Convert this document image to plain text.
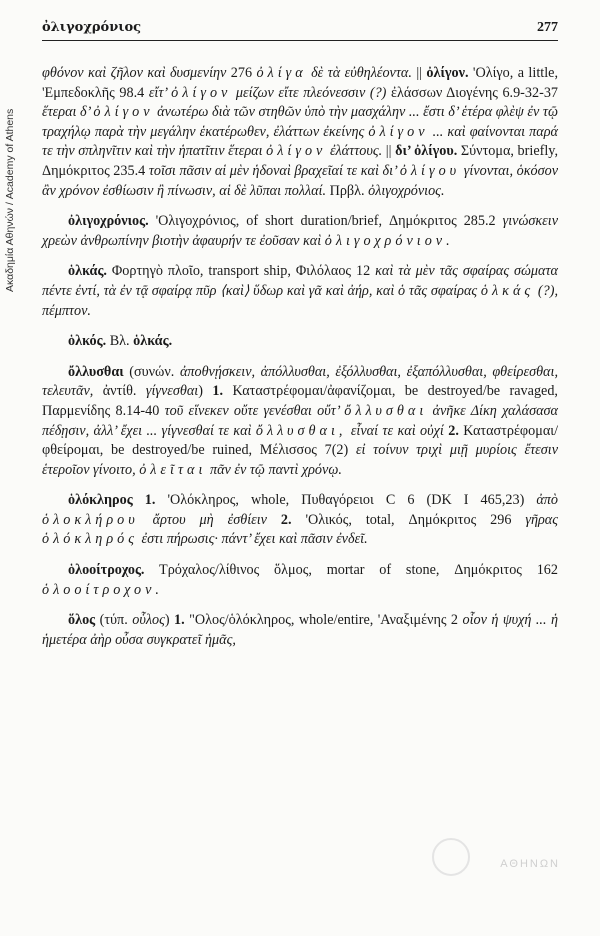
ὀλιγοχρόνιος	277
Ακαδημία Αθηνών / Academy of Athens

φθόνον καὶ ζῆλον καὶ δυσμενίην 276 ὀλίγα δὲ τὰ εὐθηλέοντα. || ὀλίγον. 'Ολίγο, a little, 'Εμπεδοκλῆς 98.4 εἴτ’ ὀλίγον μείζων εἴτε πλεόνεσσιν (?) ἐλάσσων Διογένης 6.9-32-37 ἕτεραι δ’ ὀλίγον ἀνωτέρω διὰ τῶν στηθῶν ὑπὸ τὴν μασχάλην ... ἔστι δ’ ἑτέρα φλὲψ ἐν τῷ τραχήλῳ παρὰ τὴν μεγάλην ἑκατέρωθεν, ἐλάττων ἐκείνης ὀλίγον ... καὶ φαίνονται παρά τε τὴν σπληνῖτιν καὶ τὴν ἡπατῖτιν ἕτεραι ὀλίγον ἐλάττους. || δι’ ὀλίγου. Σύντομα, briefly, Δημόκριτος 235.4 τοῖσι πᾶσιν αἱ μὲν ἡδοναὶ βραχεῖαί τε καὶ δι’ ὀλίγου γίνονται, ὁκόσον ἂν χρόνον ἐσθίωσιν ἢ πίνωσιν, αἱ δὲ λῦπαι πολλαί. Πρβλ. ὀλιγοχρόνιος.

ὀλιγοχρόνιος. 'Ολιγοχρόνιος, of short duration/brief, Δημόκριτος 285.2 γινώσκειν χρεὼν ἀνθρωπίνην βιοτὴν ἀφαυρήν τε ἐοῦσαν καὶ ὀλιγοχρόνιον.

ὁλκάς. Φορτηγὸ πλοῖο, transport ship, Φιλόλαος 12 καὶ τὰ μὲν τᾶς σφαίρας σώματα πέντε ἐντί, τὰ ἐν τᾷ σφαίρᾳ πῦρ ⟨καὶ⟩ ὕδωρ καὶ γᾶ καὶ ἀήρ, καὶ ὁ τᾶς σφαίρας ὁλκάς (?), πέμπτον.

ὁλκός. Βλ. ὁλκάς.

ὄλλυσθαι (συνών. ἀποθνῄσκειν, ἀπόλλυσθαι, ἐξόλλυσθαι, ἐξαπόλλυσθαι, φθείρεσθαι, τελευτᾶν, ἀντίθ. γίγνεσθαι) 1. Καταστρέφομαι/ἀφανίζομαι, be destroyed/be ravaged, Παρμενίδης 8.14-40 τοῦ εἵνεκεν οὔτε γενέσθαι οὔτ’ ὄλλυσθαι ἀνῆκε Δίκη χαλάσασα πέδῃσιν, ἀλλ’ ἔχει ... γίγνεσθαί τε καὶ ὄλλυσθαι, εἶναί τε καὶ οὐχί 2. Καταστρέφομαι/φθείρομαι, be destroyed/be ruined, Μέλισσος 7(2) εἰ τοίνυν τριχὶ μιῇ μυρίοις ἔτεσιν ἑτεροῖον γίνοιτο, ὀλεῖται πᾶν ἐν τῷ παντὶ χρόνῳ.

ὁλόκληρος 1. 'Ολόκληρος, whole, Πυθαγόρειοι C 6 (DK I 465,23) ἀπὸ ὁλοκλήρου ἄρτου μὴ ἐσθίειν 2. 'Ολικός, total, Δημόκριτος 296 γῆρας ὁλόκληρός ἐστι πήρωσις· πάντ’ ἔχει καὶ πᾶσιν ἐνδεῖ.

ὁλοοίτροχος. Τρόχαλος/λίθινος ὅλμος, mortar of stone, Δημόκριτος 162 ὁλοοίτροχον.

ὅλος (τύπ. οὗλος) 1. "Ολος/ὁλόκληρος, whole/entire, 'Αναξιμένης 2 οἷον ἡ ψυχή ... ἡ ἡμετέρα ἀὴρ οὖσα συγκρατεῖ ἡμᾶς,

ΑΘΗΝΩΝ
